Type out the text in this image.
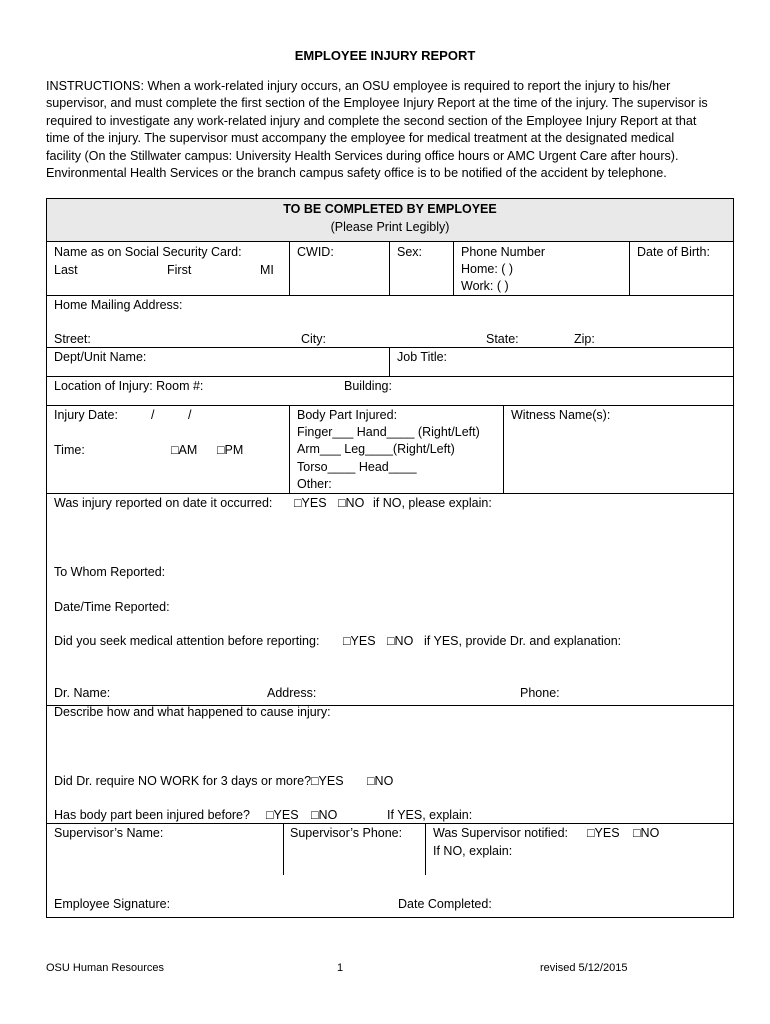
EMPLOYEE INJURY REPORT
INSTRUCTIONS: When a work-related injury occurs, an OSU employee is required to report the injury to his/her
supervisor, and must complete the first section of the Employee Injury Report at the time of the injury. The supervisor is
required to investigate any work-related injury and complete the second section of the Employee Injury Report at that
time of the injury. The supervisor must accompany the employee for medical treatment at the designated medical
facility (On the Stillwater campus: University Health Services during office hours or AMC Urgent Care after hours).
Environmental Health Services or the branch campus safety office is to be notified of the accident by telephone.
TO BE COMPLETED BY EMPLOYEE
(Please Print Legibly)
Name as on Social Security Card:
Last	First	MI
CWID:	Sex:	Phone Number
Home: ( )
Work: ( )
Date of Birth:
Home Mailing Address:
Street:	City:	State:	Zip:
Dept/Unit Name:	Job Title:
Location of Injury: Room #:	Building:
Injury Date:	/	/
Time:	□AM □PM
Body Part Injured:
Finger___ Hand____ (Right/Left)
Arm___ Leg____(Right/Left)
Torso____ Head____
Other:
Witness Name(s):
Was injury reported on date it occurred: □YES □NO if NO, please explain:
To Whom Reported:
Date/Time Reported:
Did you seek medical attention before reporting: □YES □NO if YES, provide Dr. and explanation:
Dr. Name:	Address:	Phone:
Describe how and what happened to cause injury:
Did Dr. require NO WORK for 3 days or more? □YES □NO
Has body part been injured before? □YES □NO	If YES, explain:
Supervisor’s Name:	Supervisor’s Phone: Was Supervisor notified: □YES □NO
If NO, explain:
Employee Signature:	Date Completed:
OSU Human Resources	1	revised 5/12/2015
